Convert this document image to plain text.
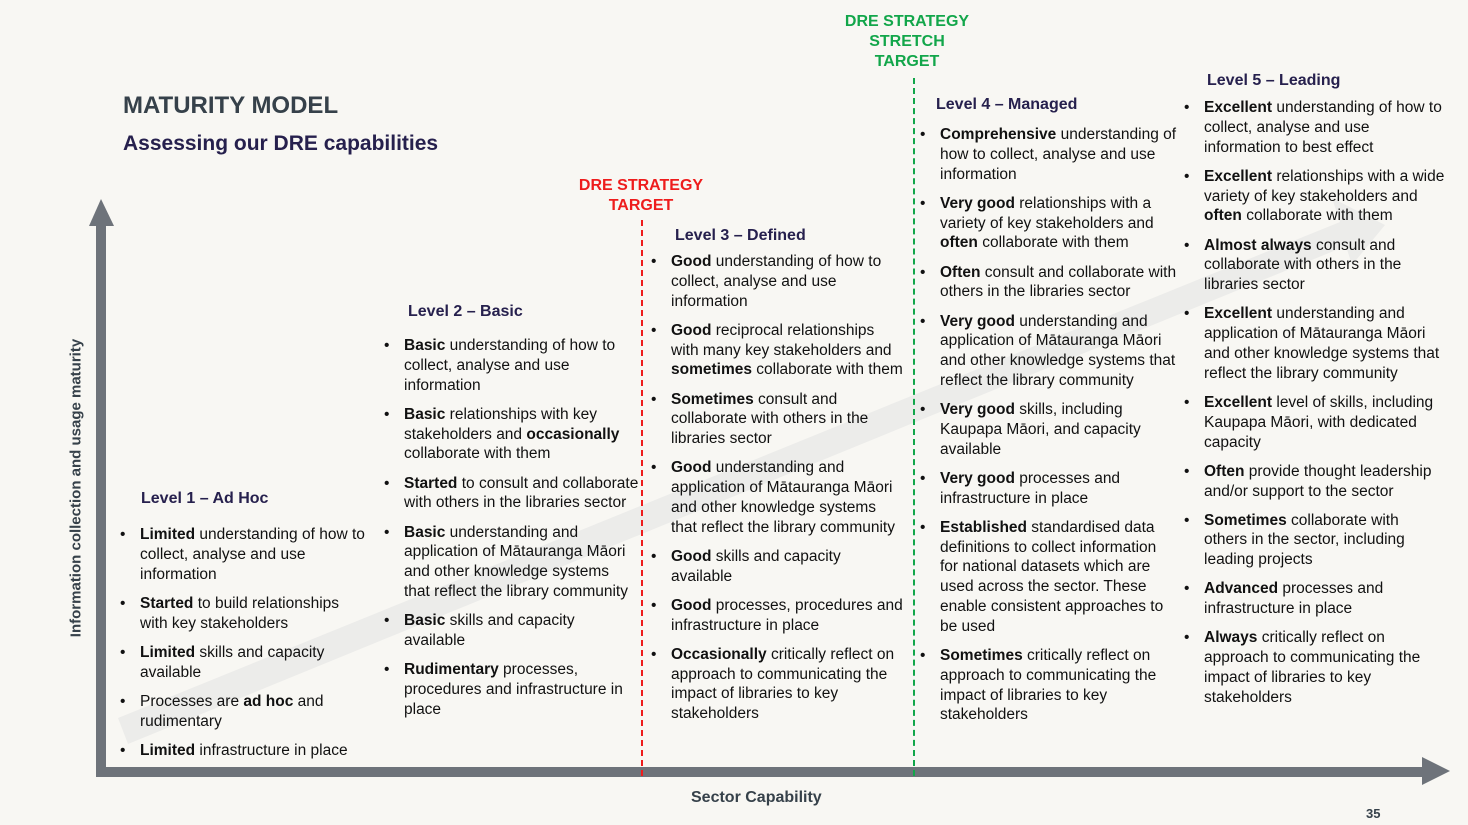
MATURITY MODEL
Assessing our DRE capabilities
DRE STRATEGY
TARGET
DRE STRATEGY
STRETCH
TARGET
Level 1 – Ad Hoc
• Limited understanding of how to collect, analyse and use information
• Started to build relationships with key stakeholders
• Limited skills and capacity available
• Processes are ad hoc and rudimentary
• Limited infrastructure in place
Level 2 – Basic
• Basic understanding of how to collect, analyse and use information
• Basic relationships with key stakeholders and occasionally collaborate with them
• Started to consult and collaborate with others in the libraries sector
• Basic understanding and application of Mātauranga Māori and other knowledge systems that reflect the library community
• Basic skills and capacity available
• Rudimentary processes, procedures and infrastructure in place
Level 3 – Defined
• Good understanding of how to collect, analyse and use information
• Good reciprocal relationships with many key stakeholders and sometimes collaborate with them
• Sometimes consult and collaborate with others in the libraries sector
• Good understanding and application of Mātauranga Māori and other knowledge systems that reflect the library community
• Good skills and capacity available
• Good processes, procedures and infrastructure in place
• Occasionally critically reflect on approach to communicating the impact of libraries to key stakeholders
Level 4 – Managed
• Comprehensive understanding of how to collect, analyse and use information
• Very good relationships with a variety of key stakeholders and often collaborate with them
• Often consult and collaborate with others in the libraries sector
• Very good understanding and application of Mātauranga Māori and other knowledge systems that reflect the library community
• Very good skills, including Kaupapa Māori, and capacity available
• Very good processes and infrastructure in place
• Established standardised data definitions to collect information for national datasets which are used across the sector. These enable consistent approaches to be used
• Sometimes critically reflect on approach to communicating the impact of libraries to key stakeholders
Level 5 – Leading
• Excellent understanding of how to collect, analyse and use information to best effect
• Excellent relationships with a wide variety of key stakeholders and often collaborate with them
• Almost always consult and collaborate with others in the libraries sector
• Excellent understanding and application of Mātauranga Māori and other knowledge systems that reflect the library community
• Excellent level of skills, including Kaupapa Māori, with dedicated capacity
• Often provide thought leadership and/or support to the sector
• Sometimes collaborate with others in the sector, including leading projects
• Advanced processes and infrastructure in place
• Always critically reflect on approach to communicating the impact of libraries to key stakeholders
Information collection and usage maturity
Sector Capability
35
